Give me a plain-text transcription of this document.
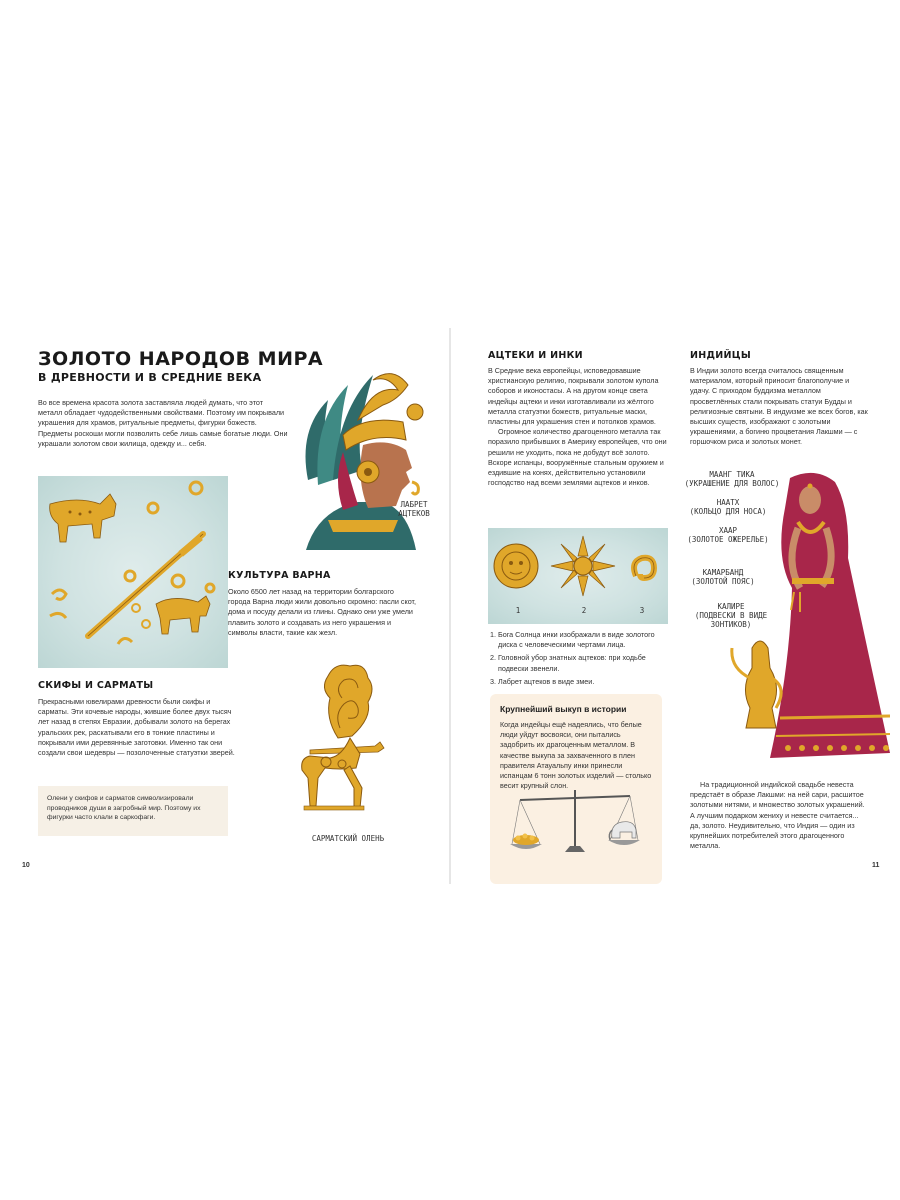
ЗОЛОТО НАРОДОВ МИРА
В ДРЕВНОСТИ И В СРЕДНИЕ ВЕКА

Во все времена красота золота заставляла людей думать, что этот металл обладает чудодейственными свойствами. Поэтому им покрывали украшения для храмов, ритуальные предметы, фигурки божеств. Предметы роскоши могли позволить себе лишь самые богатые люди. Они украшали золотом свои жилища, одежду и... себя.

ЛАБРЕТ АЦТЕКОВ
КУЛЬТУРА ВАРНА

Около 6500 лет назад на территории болгарского города Варна люди жили довольно скромно: пасли скот, дома и посуду делали из глины. Однако они уже умели плавить золото и создавать из него украшения и символы власти, такие как жезл.

СКИФЫ И САРМАТЫ

Прекрасными ювелирами древности были скифы и сарматы. Эти кочевые народы, жившие более двух тысяч лет назад в степях Евразии, добывали золото на берегах уральских рек, раскатывали его в тонкие пластины и покрывали ими деревянные заготовки. Именно так они создали свои шедевры — позолоченные статуэтки зверей.

Олени у скифов и сарматов символизировали проводников души в загробный мир. Поэтому их фигурки часто клали в саркофаги.
САРМАТСКИЙ ОЛЕНЬ
10
АЦТЕКИ И ИНКИ

В Средние века европейцы, исповедовавшие христианскую религию, покрывали золотом купола соборов и иконостасы. А на другом конце света индейцы ацтеки и инки изготавливали из жёлтого металла статуэтки божеств, ритуальные маски, пластины для украшения стен и потолков храмов.

Огромное количество драгоценного металла так поразило прибывших в Америку европейцев, что они решили не уходить, пока не добудут всё золото. Вскоре испанцы, вооружённые стальным оружием и ездившие на конях, действительно установили господство над всеми землями ацтеков и инков.

1	2	3
1. Бога Солнца инки изображали в виде золотого диска с человеческими чертами лица.
2. Головной убор знатных ацтеков: при ходьбе подвески звенели.
3. Лабрет ацтеков в виде змеи.
Крупнейший выкуп в истории
Когда индейцы ещё надеялись, что белые люди уйдут восвояси, они пытались задобрить их драгоценным металлом. В качестве выкупа за захваченного в плен правителя Атауальпу инки принесли испанцам 6 тонн золотых изделий — столько весит крупный слон.
ИНДИЙЦЫ

В Индии золото всегда считалось священным материалом, который приносит благополучие и удачу. С приходом буддизма металлом просветлённых стали покрывать статуи Будды и религиозные святыни. В индуизме же всех богов, как высших существ, изображают с золотыми украшениями, а богиню процветания Лакшми — с горшочком риса и золотых монет.

МААНГ ТИКА
(УКРАШЕНИЕ ДЛЯ ВОЛОС)
НААТХ
(КОЛЬЦО ДЛЯ НОСА)
ХААР
(ЗОЛОТОЕ ОЖЕРЕЛЬЕ)
КАМАРБАНД
(ЗОЛОТОЙ ПОЯС)
КАЛИРЕ
(ПОДВЕСКИ В ВИДЕ ЗОНТИКОВ)

На традиционной индийской свадьбе невеста предстаёт в образе Лакшми: на ней сари, расшитое золотыми нитями, и множество золотых украшений. А лучшим подарком жениху и невесте считается... да, золото. Неудивительно, что Индия — один из крупнейших потребителей этого драгоценного металла.

11
